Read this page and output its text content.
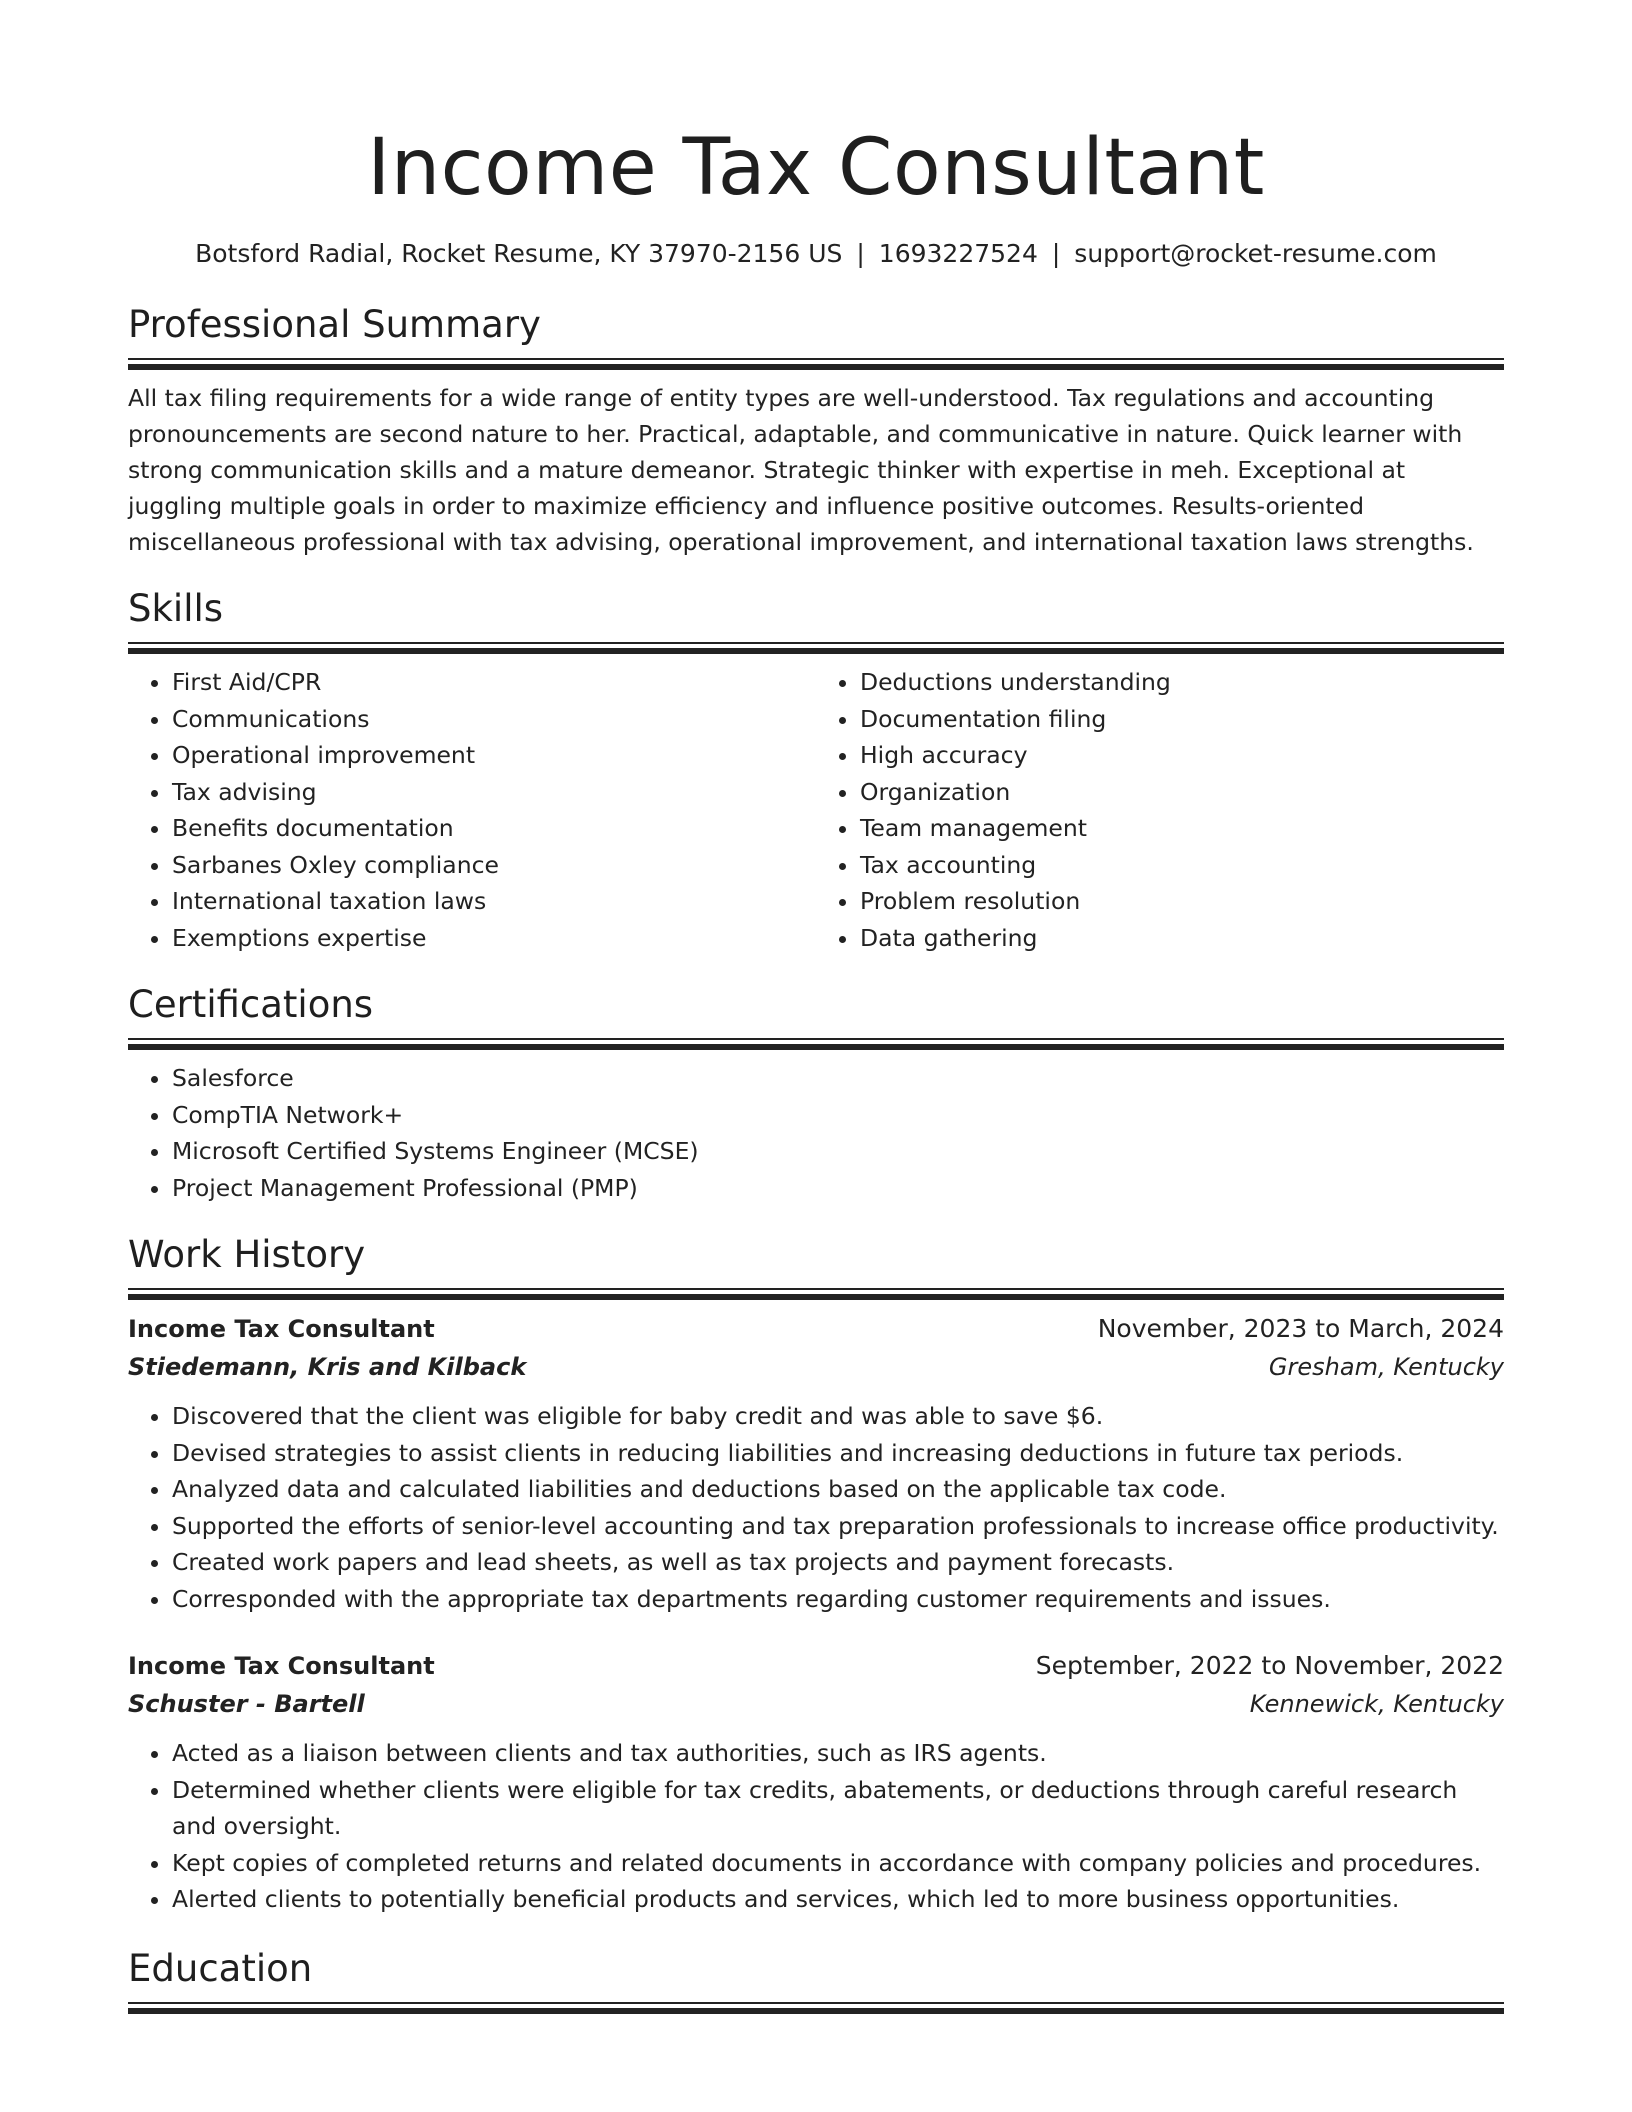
Income Tax Consultant
Botsford Radial, Rocket Resume, KY 37970-2156 US | 1693227524 | support@rocket-resume.com
Professional Summary

All tax filing requirements for a wide range of entity types are well-understood. Tax regulations and accounting pronouncements are second nature to her. Practical, adaptable, and communicative in nature. Quick learner with strong communication skills and a mature demeanor. Strategic thinker with expertise in meh. Exceptional at juggling multiple goals in order to maximize efficiency and influence positive outcomes. Results-oriented miscellaneous professional with tax advising, operational improvement, and international taxation laws strengths.

Skills
• First Aid/CPR
• Communications
• Operational improvement
• Tax advising
• Benefits documentation
• Sarbanes Oxley compliance
• International taxation laws
• Exemptions expertise
• Deductions understanding
• Documentation filing
• High accuracy
• Organization
• Team management
• Tax accounting
• Problem resolution
• Data gathering
Certifications
• Salesforce
• CompTIA Network+
• Microsoft Certified Systems Engineer (MCSE)
• Project Management Professional (PMP)
Work History
Income Tax Consultant	November, 2023 to March, 2024
Stiedemann, Kris and Kilback	Gresham, Kentucky
• Discovered that the client was eligible for baby credit and was able to save $6.
• Devised strategies to assist clients in reducing liabilities and increasing deductions in future tax periods.
• Analyzed data and calculated liabilities and deductions based on the applicable tax code.
• Supported the efforts of senior-level accounting and tax preparation professionals to increase office productivity.
• Created work papers and lead sheets, as well as tax projects and payment forecasts.
• Corresponded with the appropriate tax departments regarding customer requirements and issues.
Income Tax Consultant	September, 2022 to November, 2022
Schuster - Bartell	Kennewick, Kentucky
• Acted as a liaison between clients and tax authorities, such as IRS agents.
• Determined whether clients were eligible for tax credits, abatements, or deductions through careful research and oversight.
• Kept copies of completed returns and related documents in accordance with company policies and procedures.
• Alerted clients to potentially beneficial products and services, which led to more business opportunities.
Education
